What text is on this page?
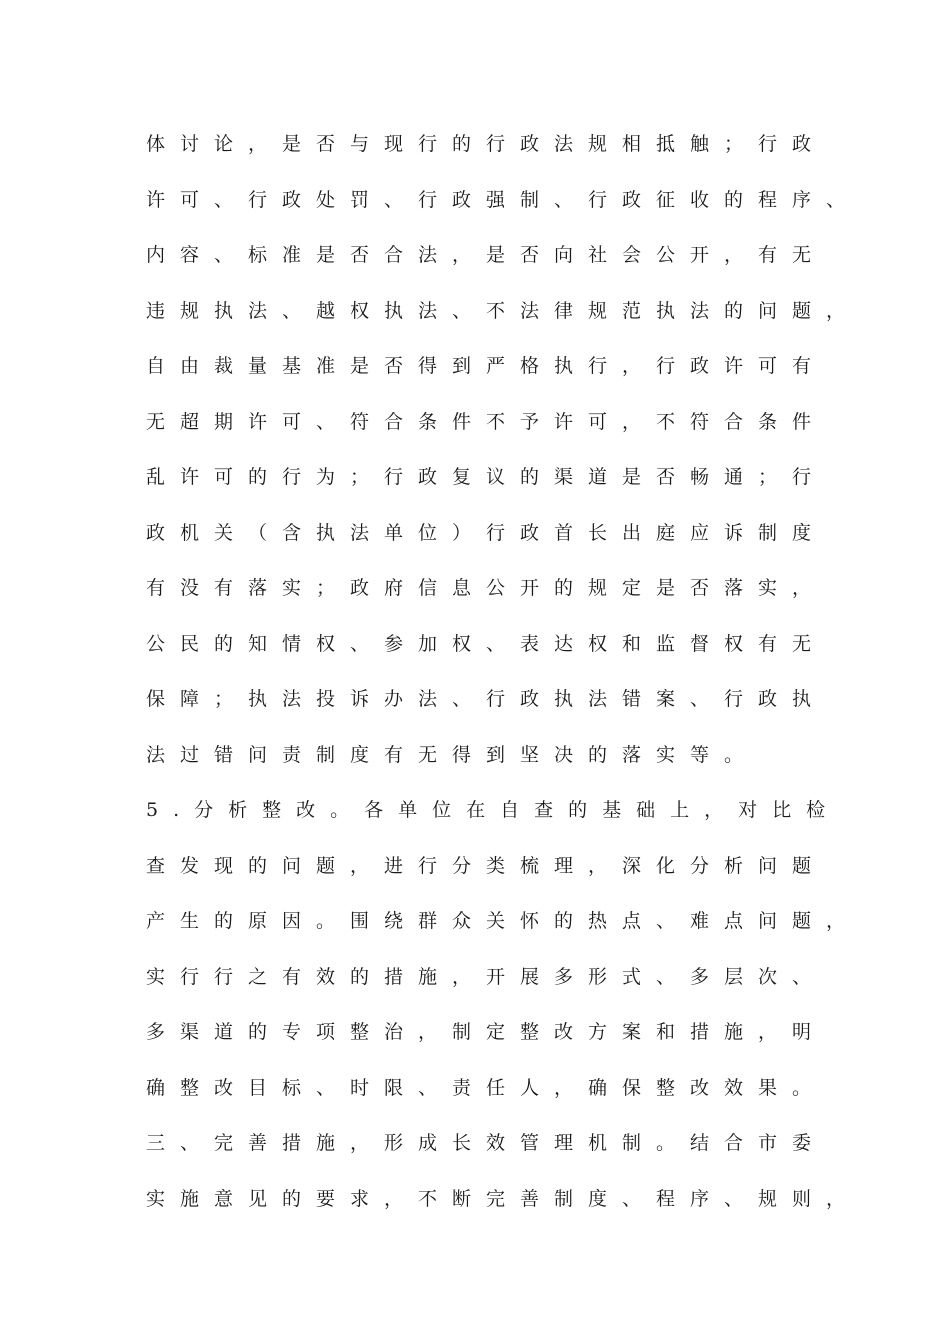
体讨论，是否与现行的行政法规相抵触；行政
许可、行政处罚、行政强制、行政征收的程序、
内容、标准是否合法，是否向社会公开，有无
违规执法、越权执法、不法律规范执法的问题，
自由裁量基准是否得到严格执行，行政许可有
无超期许可、符合条件不予许可，不符合条件
乱许可的行为；行政复议的渠道是否畅通；行
政机关（含执法单位）行政首长出庭应诉制度
有没有落实；政府信息公开的规定是否落实，
公民的知情权、参加权、表达权和监督权有无
保障；执法投诉办法、行政执法错案、行政执
法过错问责制度有无得到坚决的落实等。
5.分析整改。各单位在自查的基础上，对比检
查发现的问题，进行分类梳理，深化分析问题
产生的原因。围绕群众关怀的热点、难点问题，
实行行之有效的措施，开展多形式、多层次、
多渠道的专项整治，制定整改方案和措施，明
确整改目标、时限、责任人，确保整改效果。
三、完善措施，形成长效管理机制。结合市委
实施意见的要求，不断完善制度、程序、规则，
